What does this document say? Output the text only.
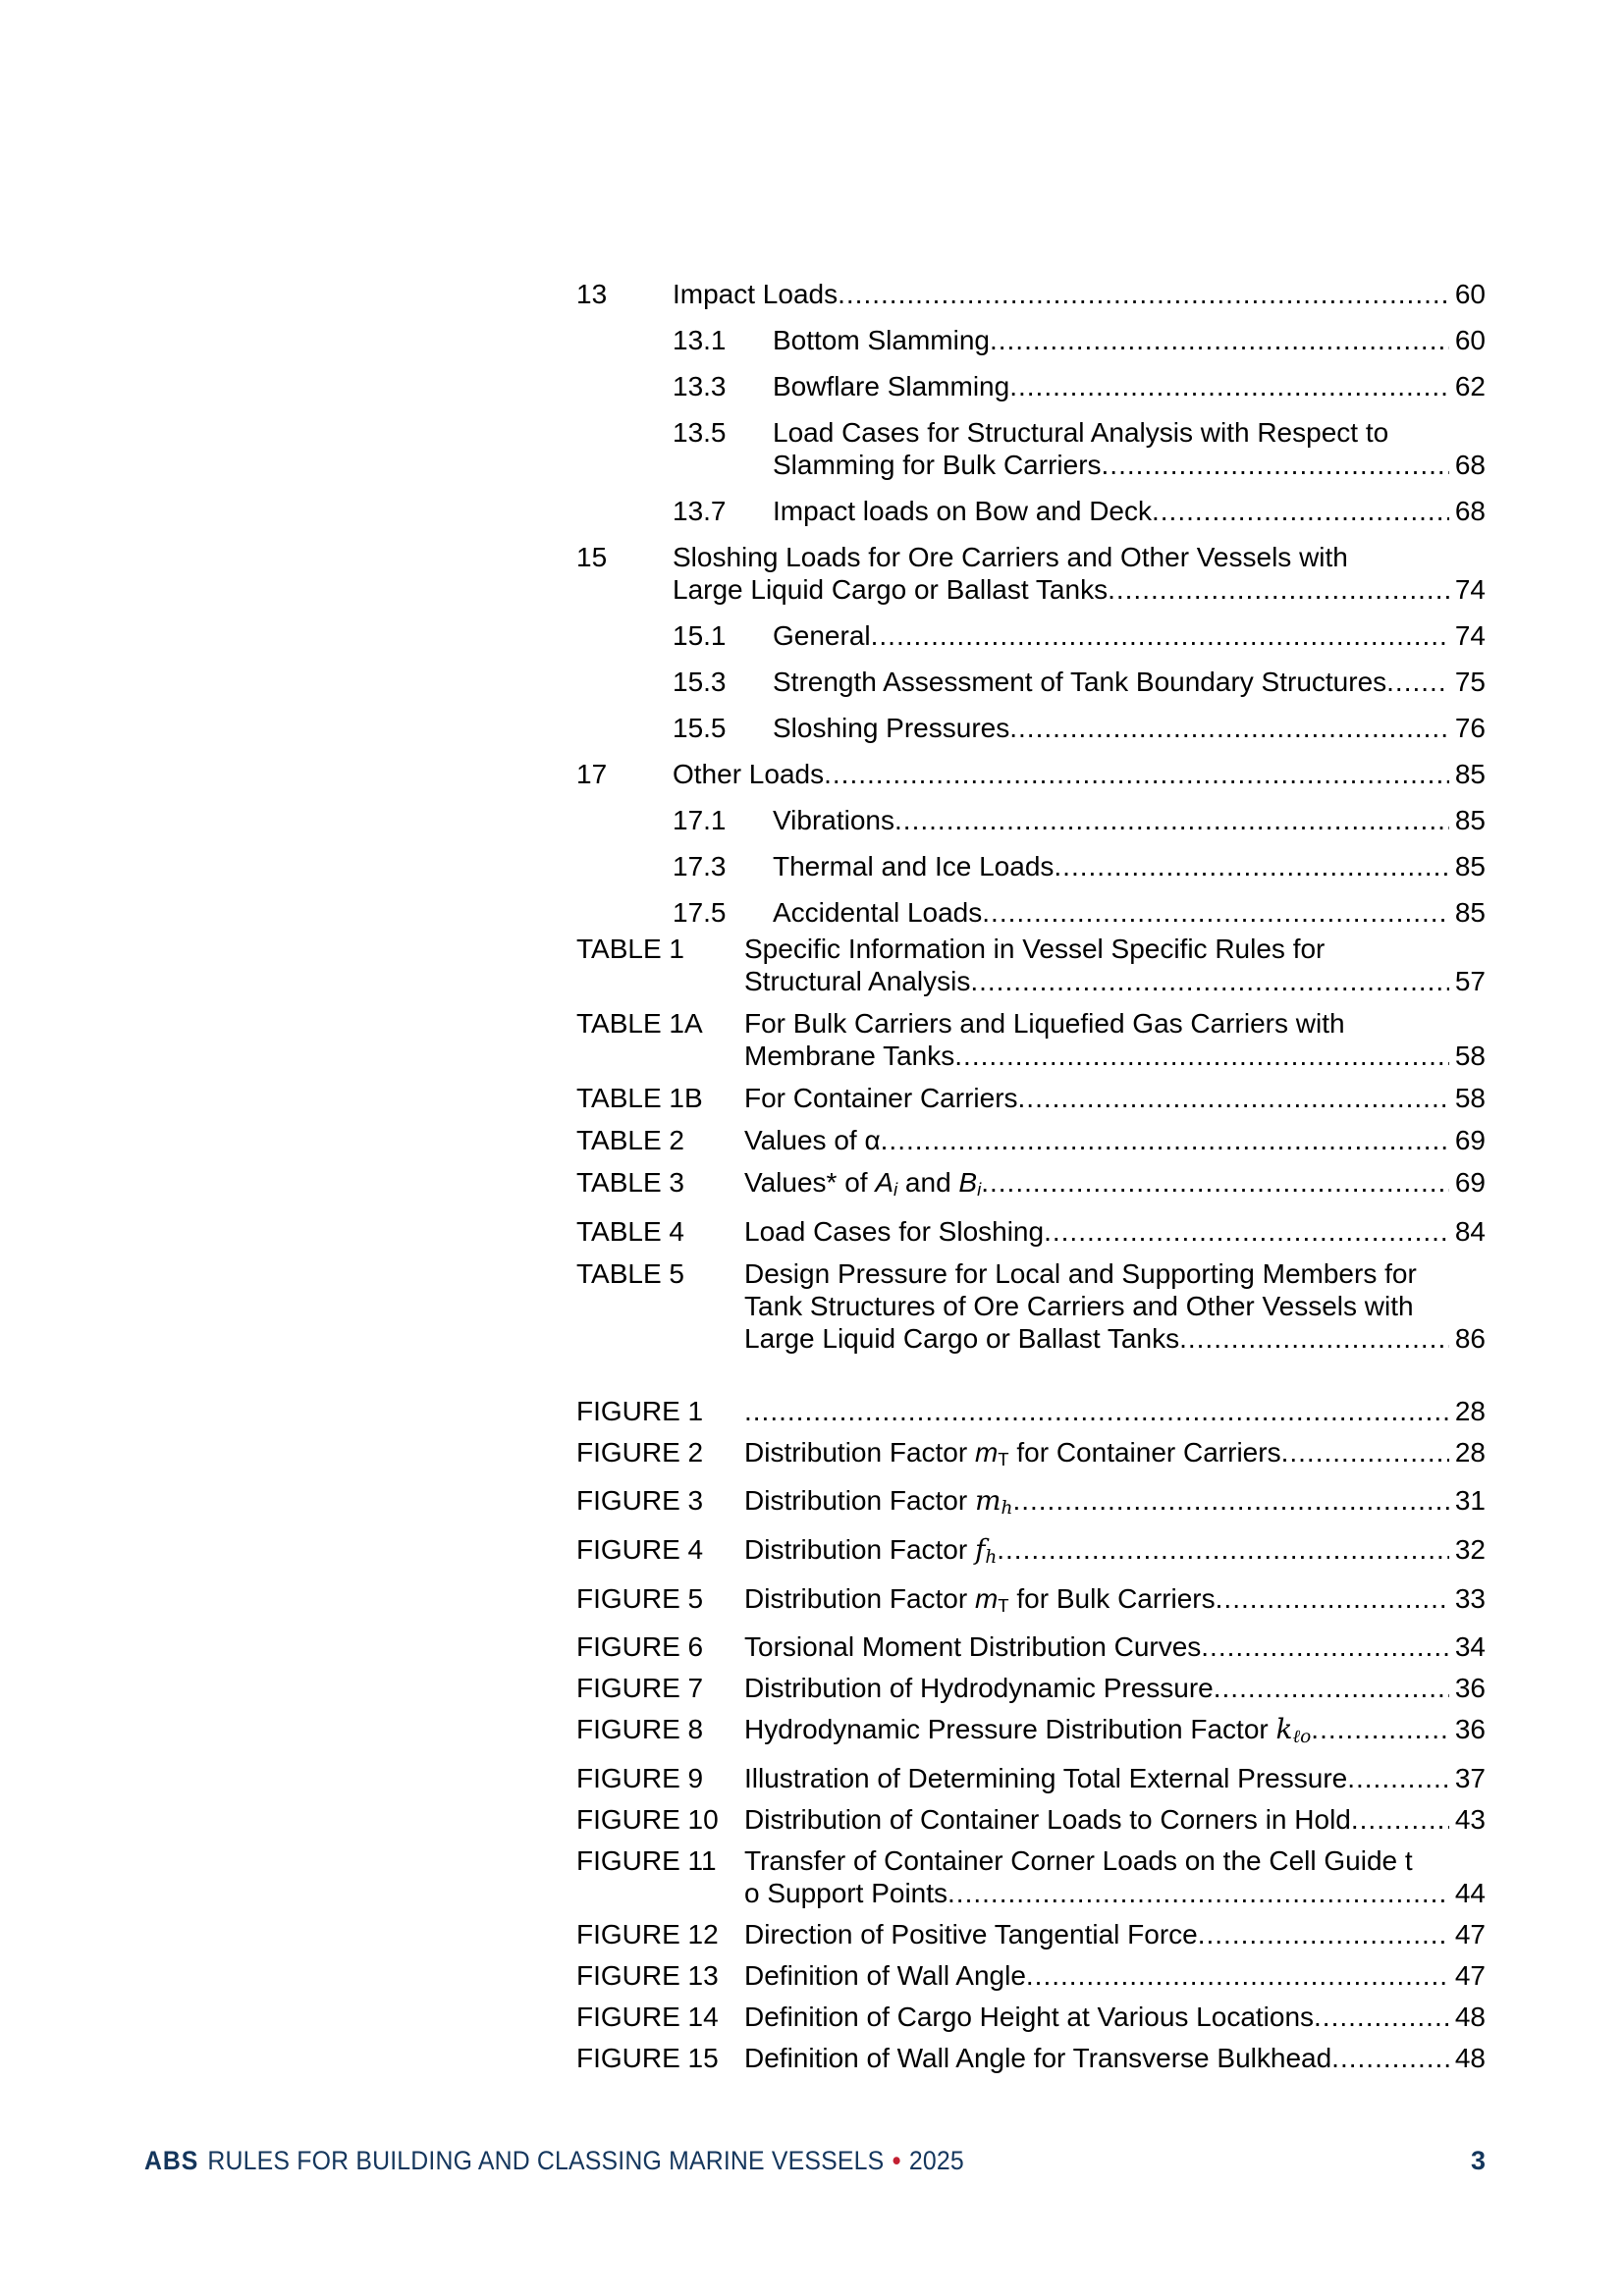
13	Impact Loads .....	60
13.1	Bottom Slamming .....	60
13.3	Bowflare Slamming .....	62
13.5	Load Cases for Structural Analysis with Respect to
Slamming for Bulk Carriers .....	68
13.7	Impact loads on Bow and Deck .....	68
15	Sloshing Loads for Ore Carriers and Other Vessels with
Large Liquid Cargo or Ballast Tanks .....	74
15.1	General .....	74
15.3	Strength Assessment of Tank Boundary Structures ..... 75
15.5	Sloshing Pressures .....	76
17	Other Loads .....	85
17.1	Vibrations .....	85
17.3	Thermal and Ice Loads .....	85
17.5	Accidental Loads .....	85
TABLE 1	Specific Information in Vessel Specific Rules for
Structural Analysis .....	57
TABLE 1A	For Bulk Carriers and Liquefied Gas Carriers with
Membrane Tanks .....	58
TABLE 1B	For Container Carriers .....	58
TABLE 2	Values of α .....	69
TABLE 3	Values* of $A_i$ and $B_i$ .....	69
TABLE 4	Load Cases for Sloshing .....	84
TABLE 5	Design Pressure for Local and Supporting Members for
Tank Structures of Ore Carriers and Other Vessels with
Large Liquid Cargo or Ballast Tanks .....	86
FIGURE 1 .....	28
FIGURE 2	Distribution Factor $m_T$ for Container Carriers .....	28
FIGURE 3	Distribution Factor $m_h$ .....	31
FIGURE 4	Distribution Factor $f_h$ .....	32
FIGURE 5	Distribution Factor $m_T$ for Bulk Carriers .....	33
FIGURE 6	Torsional Moment Distribution Curves .....	34
FIGURE 7	Distribution of Hydrodynamic Pressure .....	36
FIGURE 8	Hydrodynamic Pressure Distribution Factor $k_{\ell o}$ .....	36
FIGURE 9	Illustration of Determining Total External Pressure .....	37
FIGURE 10 Distribution of Container Loads to Corners in Hold .....	43
FIGURE 11	Transfer of Container Corner Loads on the Cell Guide t
o Support Points .....	44
FIGURE 12 Direction of Positive Tangential Force .....	47
FIGURE 13 Definition of Wall Angle .....	47
FIGURE 14 Definition of Cargo Height at Various Locations .....	48
FIGURE 15 Definition of Wall Angle for Transverse Bulkhead .....	48
ABS RULES FOR BUILDING AND CLASSING MARINE VESSELS • 2025	3
